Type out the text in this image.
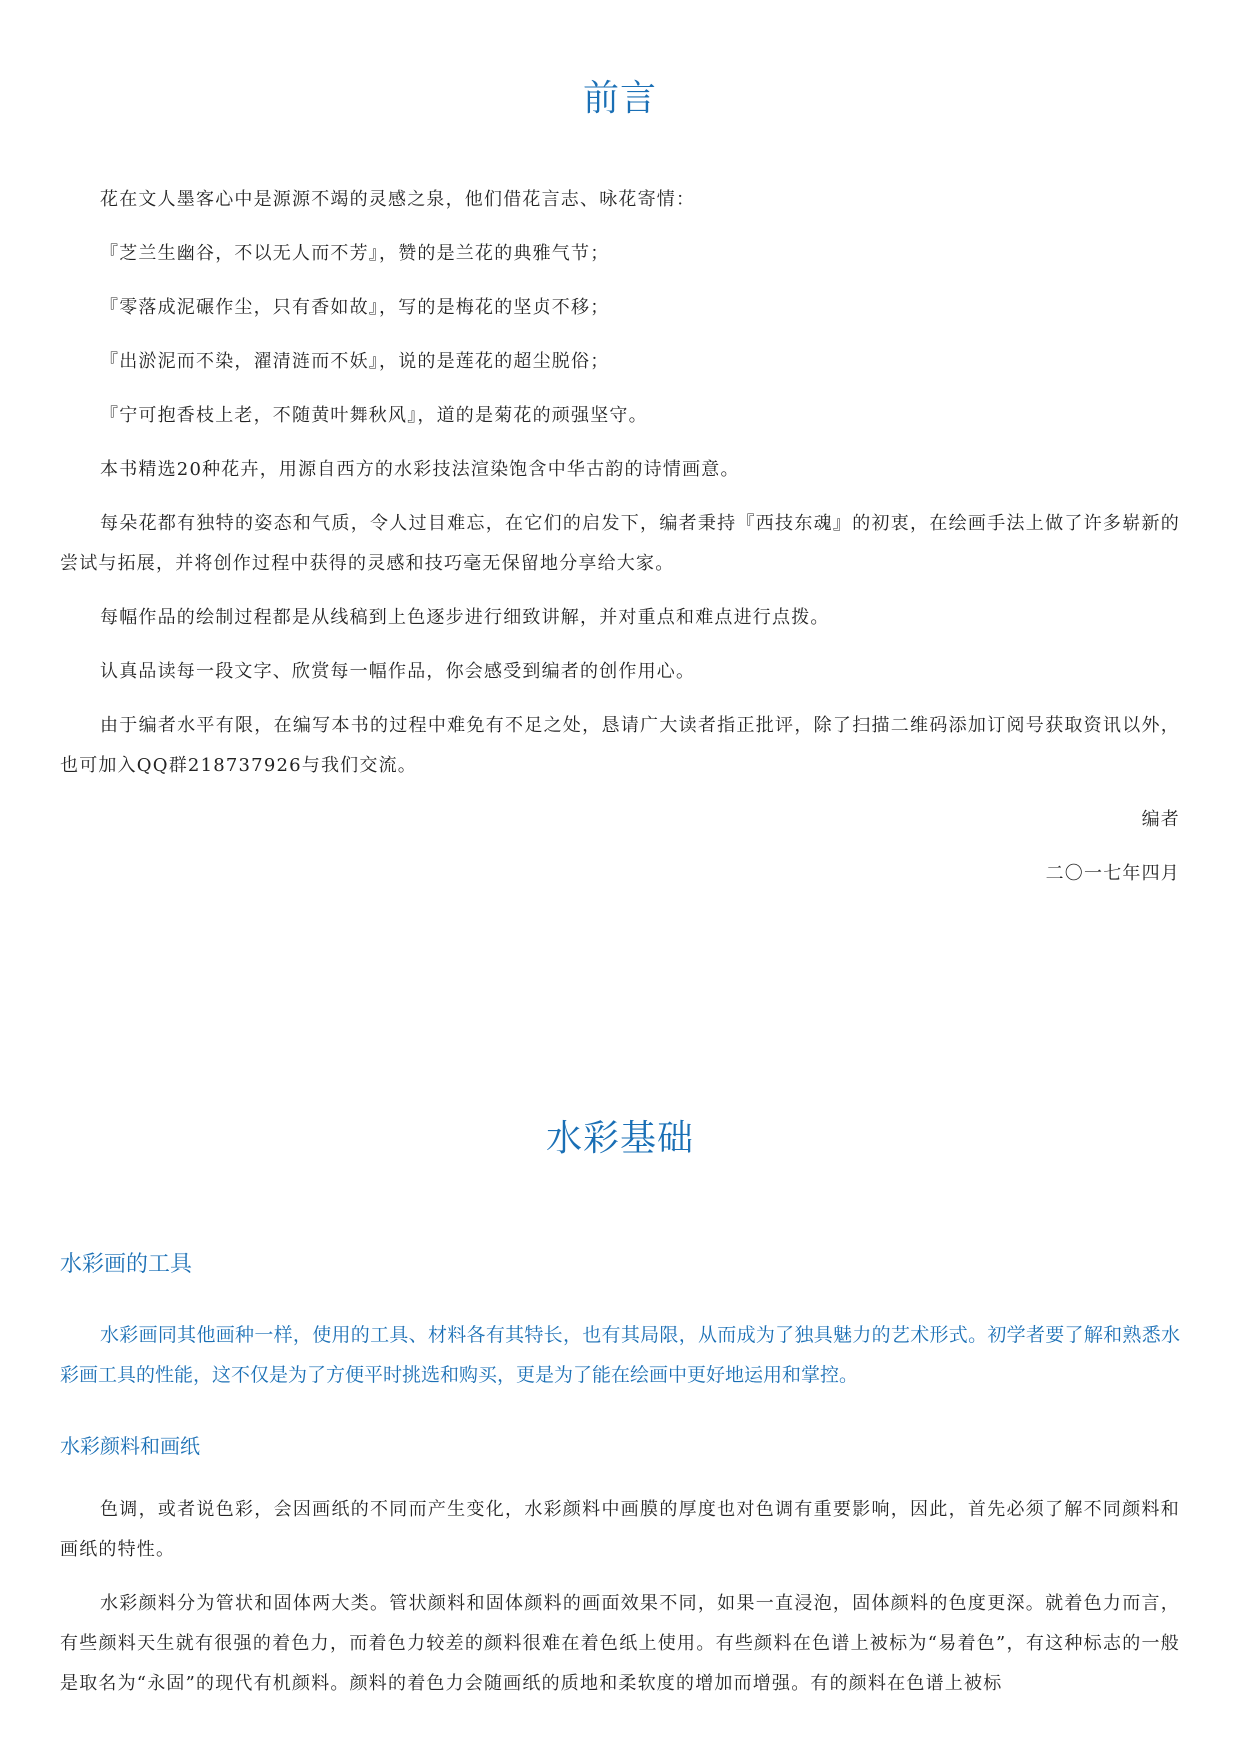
前言

花在文人墨客心中是源源不竭的灵感之泉，他们借花言志、咏花寄情：

『芝兰生幽谷，不以无人而不芳』，赞的是兰花的典雅气节；

『零落成泥碾作尘，只有香如故』，写的是梅花的坚贞不移；

『出淤泥而不染，濯清涟而不妖』，说的是莲花的超尘脱俗；

『宁可抱香枝上老，不随黄叶舞秋风』，道的是菊花的顽强坚守。

本书精选20种花卉，用源自西方的水彩技法渲染饱含中华古韵的诗情画意。

每朵花都有独特的姿态和气质，令人过目难忘，在它们的启发下，编者秉持『西技东魂』的初衷，在绘画手法上做了许多崭新的尝试与拓展，并将创作过程中获得的灵感和技巧毫无保留地分享给大家。

每幅作品的绘制过程都是从线稿到上色逐步进行细致讲解，并对重点和难点进行点拨。

认真品读每一段文字、欣赏每一幅作品，你会感受到编者的创作用心。

由于编者水平有限，在编写本书的过程中难免有不足之处，恳请广大读者指正批评，除了扫描二维码添加订阅号获取资讯以外，也可加入QQ群218737926与我们交流。

编者

二〇一七年四月

水彩基础
水彩画的工具

水彩画同其他画种一样，使用的工具、材料各有其特长，也有其局限，从而成为了独具魅力的艺术形式。初学者要了解和熟悉水彩画工具的性能，这不仅是为了方便平时挑选和购买，更是为了能在绘画中更好地运用和掌控。

水彩颜料和画纸

色调，或者说色彩，会因画纸的不同而产生变化，水彩颜料中画膜的厚度也对色调有重要影响，因此，首先必须了解不同颜料和画纸的特性。

水彩颜料分为管状和固体两大类。管状颜料和固体颜料的画面效果不同，如果一直浸泡，固体颜料的色度更深。就着色力而言，有些颜料天生就有很强的着色力，而着色力较差的颜料很难在着色纸上使用。有些颜料在色谱上被标为“易着色”，有这种标志的一般是取名为“永固”的现代有机颜料。颜料的着色力会随画纸的质地和柔软度的增加而增强。有的颜料在色谱上被标
